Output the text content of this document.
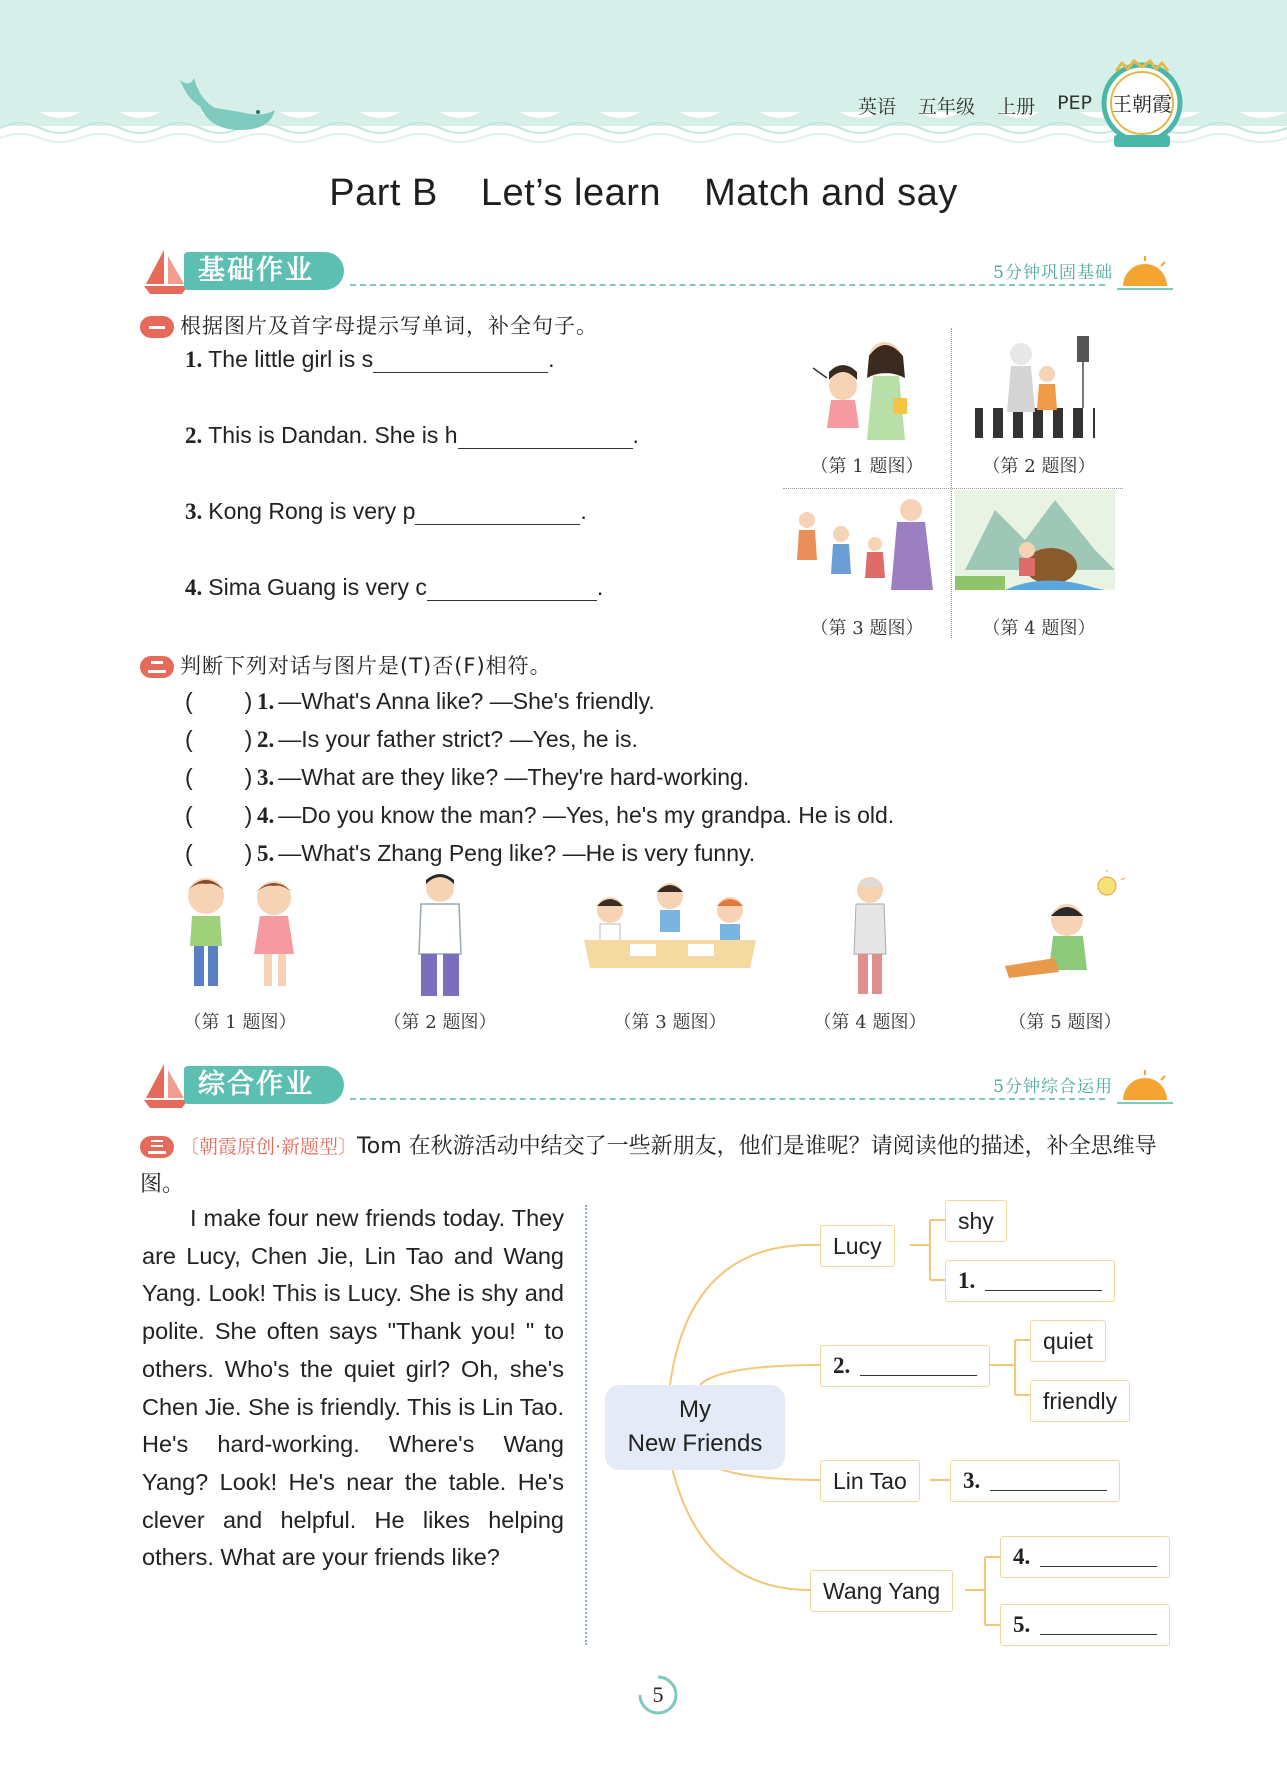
英语 五年级 上册 PEP 王朝霞
Part B Let’s learn Match and say
基础作业	5分钟巩固基础
根据图片及首字母提示写单词，补全句子。
1. The little girl is s	.
2. This is Dandan. She is h	.
3. Kong Rong is very p	.
4. Sima Guang is very c	.
（第 1 题图）	（第 2 题图）
（第 3 题图）	（第 4 题图）
判断下列对话与图片是(T)否(F)相符。
( ) 1. —What's Anna like? —She's friendly.
( ) 2. —Is your father strict? —Yes, he is.
( ) 3. —What are they like? —They're hard-working.
( ) 4. —Do you know the man? —Yes, he's my grandpa. He is old.
( ) 5. —What's Zhang Peng like? —He is very funny.
（第 1 题图）	（第 2 题图）	（第 3 题图）	（第 4 题图）	（第 5 题图）
综合作业	5分钟综合运用
〔朝霞原创·新题型〕Tom 在秋游活动中结交了一些新朋友，他们是谁呢？请阅读他的描述，补全思维导图。
I make four new friends today. They are Lucy, Chen Jie, Lin Tao and Wang Yang. Look! This is Lucy. She is shy and polite. She often says "Thank you! " to others. Who's the quiet girl? Oh, she's Chen Jie. She is friendly. This is Lin Tao. He's hard-working. Where's Wang Yang? Look! He's near the table. He's clever and helpful. He likes helping others. What are your friends like?
My
New Friends
Lucy
shy
1.
2.
quiet
friendly
Lin Tao	3.
Wang Yang
4.
5.
5
